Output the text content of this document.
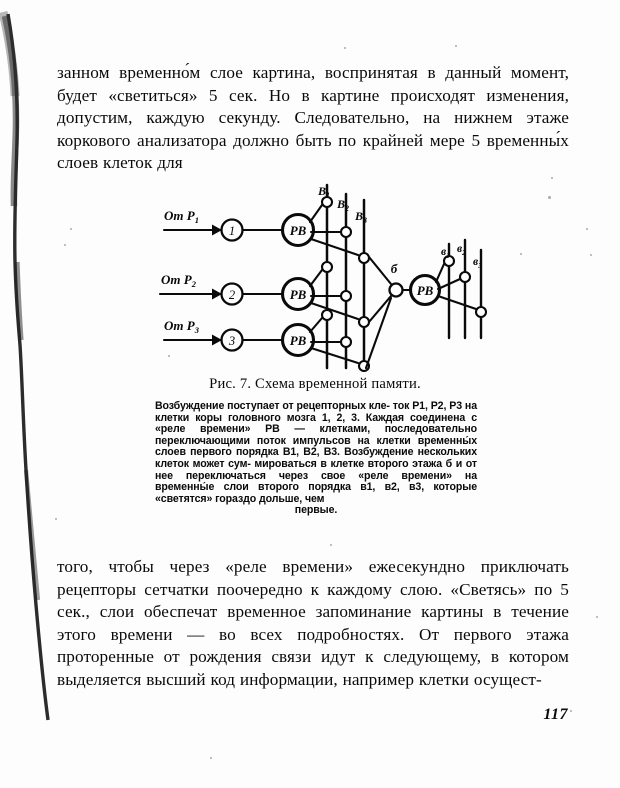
занном временно́м слое картина, воспринятая в данный момент, будет «светиться» 5 сек. Но в картине происходят изменения, допустим, каждую секунду. Следовательно, на нижнем этаже коркового анализатора должно быть по крайней мере 5 временны́х слоев клеток для
От $Р_1$
От $Р_2$
От $Р_3$
1
2
3
РВ
РВ
РВ
РВ
б
$В_1$
$В_2$
$В_3$
$в_1$
$в_2$
$в_3$
Рис. 7. Схема временной памяти.
Возбуждение поступает от рецепторных кле- ток P1, P2, P3 на клетки коры головного мозга 1, 2, 3. Каждая соединена с «реле времени» РВ — клетками, последовательно переключающими поток импульсов на клетки временны́х слоев первого порядка В1, В2, В3. Возбуждение нескольких клеток может сум- мироваться в клетке второго этажа б и от нее переключаться через свое «реле времени» на временны́е слои второго порядка в1, в2, в3, которые «светятся» гораздо дольше, чем
первые.
того, чтобы через «реле времени» ежесекундно приключать рецепторы сетчатки поочередно к каждому слою. «Светясь» по 5 сек., слои обеспечат временное запоминание картины в течение этого времени — во всех подробностях. От первого этажа проторенные от рождения связи идут к следующему, в котором выделяется высший код информации, например клетки осущест-
117
